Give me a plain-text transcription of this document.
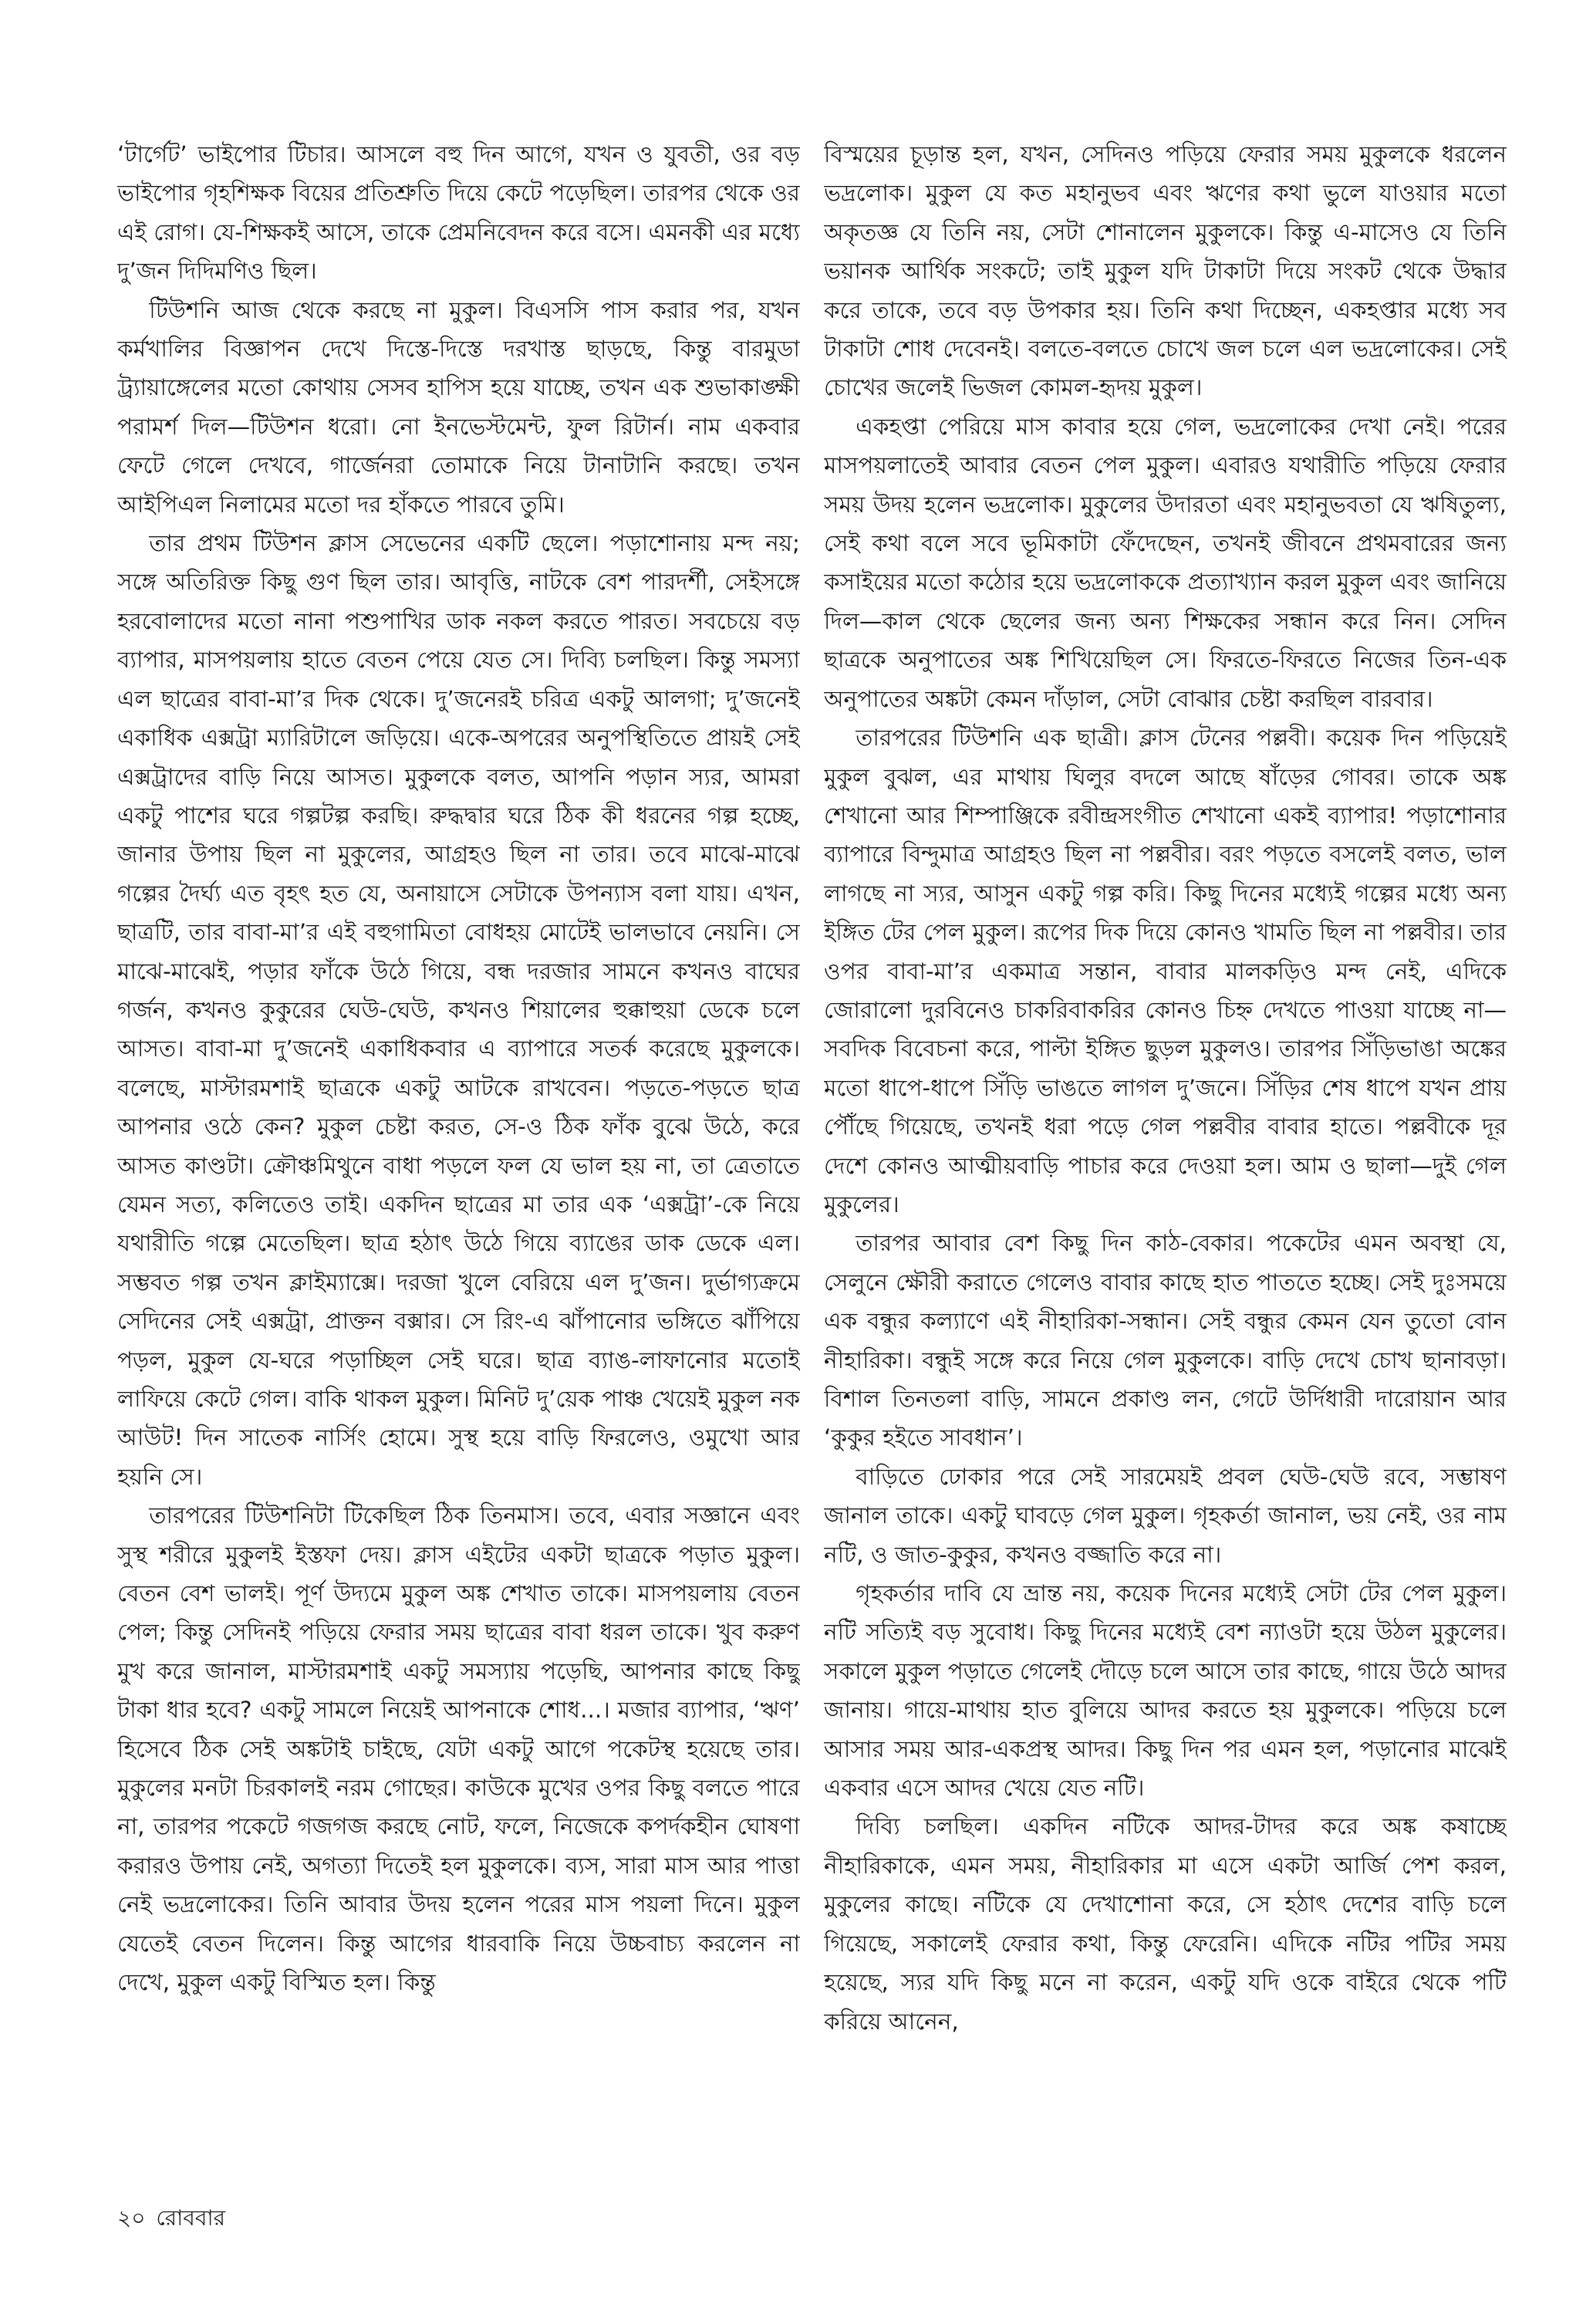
‘টার্গেট’ ভাইপোর টিচার। আসলে বহু দিন আগে, যখন ও যুবতী, ওর বড় ভাইপোর গৃহশিক্ষক বিয়ের প্রতিশ্রুতি দিয়ে কেটে পড়েছিল। তারপর থেকে ওর এই রোগ। যে-শিক্ষকই আসে, তাকে প্রেমনিবেদন করে বসে। এমনকী এর মধ্যে দু’জন দিদিমণিও ছিল।

টিউশনি আজ থেকে করছে না মুকুল। বিএসসি পাস করার পর, যখন কর্মখালির বিজ্ঞাপন দেখে দিস্তে-দিস্তে দরখাস্ত ছাড়ছে, কিন্তু বারমুডা ট্র্যায়াঙ্গেলের মতো কোথায় সেসব হাপিস হয়ে যাচ্ছে, তখন এক শুভাকাঙ্ক্ষী পরামর্শ দিল—টিউশন ধরো। নো ইনভেস্টমেন্ট, ফুল রিটার্ন। নাম একবার ফেটে গেলে দেখবে, গার্জেনরা তোমাকে নিয়ে টানাটানি করছে। তখন আইপিএল নিলামের মতো দর হাঁকতে পারবে তুমি।

তার প্রথম টিউশন ক্লাস সেভেনের একটি ছেলে। পড়াশোনায় মন্দ নয়; সঙ্গে অতিরিক্ত কিছু গুণ ছিল তার। আবৃত্তি, নাটকে বেশ পারদর্শী, সেইসঙ্গে হরবোলাদের মতো নানা পশুপাখির ডাক নকল করতে পারত। সবচেয়ে বড় ব্যাপার, মাসপয়লায় হাতে বেতন পেয়ে যেত সে। দিব্যি চলছিল। কিন্তু সমস্যা এল ছাত্রের বাবা-মা’র দিক থেকে। দু’জনেরই চরিত্র একটু আলগা; দু’জনেই একাধিক এক্সট্রা ম্যারিটালে জড়িয়ে। একে-অপরের অনুপস্থিতিতে প্রায়ই সেই এক্সট্রাদের বাড়ি নিয়ে আসত। মুকুলকে বলত, আপনি পড়ান স্যর, আমরা একটু পাশের ঘরে গল্পটল্প করছি। রুদ্ধদ্বার ঘরে ঠিক কী ধরনের গল্প হচ্ছে, জানার উপায় ছিল না মুকুলের, আগ্রহও ছিল না তার। তবে মাঝে-মাঝে গল্পের দৈর্ঘ্য এত বৃহৎ হত যে, অনায়াসে সেটাকে উপন্যাস বলা যায়। এখন, ছাত্রটি, তার বাবা-মা’র এই বহুগামিতা বোধহয় মোটেই ভালভাবে নেয়নি। সে মাঝে-মাঝেই, পড়ার ফাঁকে উঠে গিয়ে, বন্ধ দরজার সামনে কখনও বাঘের গর্জন, কখনও কুকুরের ঘেউ-ঘেউ, কখনও শিয়ালের হুক্কাহুয়া ডেকে চলে আসত। বাবা-মা দু’জনেই একাধিকবার এ ব্যাপারে সতর্ক করেছে মুকুলকে। বলেছে, মাস্টারমশাই ছাত্রকে একটু আটকে রাখবেন। পড়তে-পড়তে ছাত্র আপনার ওঠে কেন? মুকুল চেষ্টা করত, সে-ও ঠিক ফাঁক বুঝে উঠে, করে আসত কাণ্ডটা। ক্রৌঞ্চমিথুনে বাধা পড়লে ফল যে ভাল হয় না, তা ত্রেতাতে যেমন সত্য, কলিতেও তাই। একদিন ছাত্রের মা তার এক ‘এক্সট্রা’-কে নিয়ে যথারীতি গল্পে মেতেছিল। ছাত্র হঠাৎ উঠে গিয়ে ব্যাঙের ডাক ডেকে এল। সম্ভবত গল্প তখন ক্লাইম্যাক্সে। দরজা খুলে বেরিয়ে এল দু’জন। দুর্ভাগ্যক্রমে সেদিনের সেই এক্সট্রা, প্রাক্তন বক্সার। সে রিং-এ ঝাঁপানোর ভঙ্গিতে ঝাঁপিয়ে পড়ল, মুকুল যে-ঘরে পড়াচ্ছিল সেই ঘরে। ছাত্র ব্যাঙ-লাফানোর মতোই লাফিয়ে কেটে গেল। বাকি থাকল মুকুল। মিনিট দু’য়েক পাঞ্চ খেয়েই মুকুল নক আউট! দিন সাতেক নার্সিং হোমে। সুস্থ হয়ে বাড়ি ফিরলেও, ওমুখো আর হয়নি সে।

তারপরের টিউশনিটা টিকেছিল ঠিক তিনমাস। তবে, এবার সজ্ঞানে এবং সুস্থ শরীরে মুকুলই ইস্তফা দেয়। ক্লাস এইটের একটা ছাত্রকে পড়াত মুকুল। বেতন বেশ ভালই। পূর্ণ উদ্যমে মুকুল অঙ্ক শেখাত তাকে। মাসপয়লায় বেতন পেল; কিন্তু সেদিনই পড়িয়ে ফেরার সময় ছাত্রের বাবা ধরল তাকে। খুব করুণ মুখ করে জানাল, মাস্টারমশাই একটু সমস্যায় পড়েছি, আপনার কাছে কিছু টাকা ধার হবে? একটু সামলে নিয়েই আপনাকে শোধ...। মজার ব্যাপার, ‘ঋণ’ হিসেবে ঠিক সেই অঙ্কটাই চাইছে, যেটা একটু আগে পকেটস্থ হয়েছে তার। মুকুলের মনটা চিরকালই নরম গোছের। কাউকে মুখের ওপর কিছু বলতে পারে না, তারপর পকেটে গজগজ করছে নোট, ফলে, নিজেকে কপর্দকহীন ঘোষণা করারও উপায় নেই, অগত্যা দিতেই হল মুকুলকে। ব্যস, সারা মাস আর পাত্তা নেই ভদ্রলোকের। তিনি আবার উদয় হলেন পরের মাস পয়লা দিনে। মুকুল যেতেই বেতন দিলেন। কিন্তু আগের ধারবাকি নিয়ে উচ্চবাচ্য করলেন না দেখে, মুকুল একটু বিস্মিত হল। কিন্তু

বিস্ময়ের চূড়ান্ত হল, যখন, সেদিনও পড়িয়ে ফেরার সময় মুকুলকে ধরলেন ভদ্রলোক। মুকুল যে কত মহানুভব এবং ঋণের কথা ভুলে যাওয়ার মতো অকৃতজ্ঞ যে তিনি নয়, সেটা শোনালেন মুকুলকে। কিন্তু এ-মাসেও যে তিনি ভয়ানক আর্থিক সংকটে; তাই মুকুল যদি টাকাটা দিয়ে সংকট থেকে উদ্ধার করে তাকে, তবে বড় উপকার হয়। তিনি কথা দিচ্ছেন, একহপ্তার মধ্যে সব টাকাটা শোধ দেবেনই। বলতে-বলতে চোখে জল চলে এল ভদ্রলোকের। সেই চোখের জলেই ভিজল কোমল-হৃদয় মুকুল।

একহপ্তা পেরিয়ে মাস কাবার হয়ে গেল, ভদ্রলোকের দেখা নেই। পরের মাসপয়লাতেই আবার বেতন পেল মুকুল। এবারও যথারীতি পড়িয়ে ফেরার সময় উদয় হলেন ভদ্রলোক। মুকুলের উদারতা এবং মহানুভবতা যে ঋষিতুল্য, সেই কথা বলে সবে ভূমিকাটা ফেঁদেছেন, তখনই জীবনে প্রথমবারের জন্য কসাইয়ের মতো কঠোর হয়ে ভদ্রলোককে প্রত্যাখ্যান করল মুকুল এবং জানিয়ে দিল—কাল থেকে ছেলের জন্য অন্য শিক্ষকের সন্ধান করে নিন। সেদিন ছাত্রকে অনুপাতের অঙ্ক শিখিয়েছিল সে। ফিরতে-ফিরতে নিজের তিন-এক অনুপাতের অঙ্কটা কেমন দাঁড়াল, সেটা বোঝার চেষ্টা করছিল বারবার।

তারপরের টিউশনি এক ছাত্রী। ক্লাস টেনের পল্লবী। কয়েক দিন পড়িয়েই মুকুল বুঝল, এর মাথায় ঘিলুর বদলে আছে ষাঁড়ের গোবর। তাকে অঙ্ক শেখানো আর শিম্পাঞ্জিকে রবীন্দ্রসংগীত শেখানো একই ব্যাপার! পড়াশোনার ব্যাপারে বিন্দুমাত্র আগ্রহও ছিল না পল্লবীর। বরং পড়তে বসলেই বলত, ভাল লাগছে না স্যর, আসুন একটু গল্প করি। কিছু দিনের মধ্যেই গল্পের মধ্যে অন্য ইঙ্গিত টের পেল মুকুল। রূপের দিক দিয়ে কোনও খামতি ছিল না পল্লবীর। তার ওপর বাবা-মা’র একমাত্র সন্তান, বাবার মালকড়িও মন্দ নেই, এদিকে জোরালো দুরবিনেও চাকরিবাকরির কোনও চিহ্ন দেখতে পাওয়া যাচ্ছে না—সবদিক বিবেচনা করে, পাল্টা ইঙ্গিত ছুড়ল মুকুলও। তারপর সিঁড়িভাঙা অঙ্কের মতো ধাপে-ধাপে সিঁড়ি ভাঙতে লাগল দু’জনে। সিঁড়ির শেষ ধাপে যখন প্রায় পৌঁছে গিয়েছে, তখনই ধরা পড়ে গেল পল্লবীর বাবার হাতে। পল্লবীকে দূর দেশে কোনও আত্মীয়বাড়ি পাচার করে দেওয়া হল। আম ও ছালা—দুই গেল মুকুলের।

তারপর আবার বেশ কিছু দিন কাঠ-বেকার। পকেটের এমন অবস্থা যে, সেলুনে ক্ষৌরী করাতে গেলেও বাবার কাছে হাত পাততে হচ্ছে। সেই দুঃসময়ে এক বন্ধুর কল্যাণে এই নীহারিকা-সন্ধান। সেই বন্ধুর কেমন যেন তুতো বোন নীহারিকা। বন্ধুই সঙ্গে করে নিয়ে গেল মুকুলকে। বাড়ি দেখে চোখ ছানাবড়া। বিশাল তিনতলা বাড়ি, সামনে প্রকাণ্ড লন, গেটে উর্দিধারী দারোয়ান আর ‘কুকুর হইতে সাবধান’।

বাড়িতে ঢোকার পরে সেই সারমেয়ই প্রবল ঘেউ-ঘেউ রবে, সম্ভাষণ জানাল তাকে। একটু ঘাবড়ে গেল মুকুল। গৃহকর্তা জানাল, ভয় নেই, ওর নাম নটি, ও জাত-কুকুর, কখনও বজ্জাতি করে না।

গৃহকর্তার দাবি যে ভ্রান্ত নয়, কয়েক দিনের মধ্যেই সেটা টের পেল মুকুল। নটি সত্যিই বড় সুবোধ। কিছু দিনের মধ্যেই বেশ ন্যাওটা হয়ে উঠল মুকুলের। সকালে মুকুল পড়াতে গেলেই দৌড়ে চলে আসে তার কাছে, গায়ে উঠে আদর জানায়। গায়ে-মাথায় হাত বুলিয়ে আদর করতে হয় মুকুলকে। পড়িয়ে চলে আসার সময় আর-একপ্রস্থ আদর। কিছু দিন পর এমন হল, পড়ানোর মাঝেই একবার এসে আদর খেয়ে যেত নটি।

দিব্যি চলছিল। একদিন নটিকে আদর-টাদর করে অঙ্ক কষাচ্ছে নীহারিকাকে, এমন সময়, নীহারিকার মা এসে একটা আর্জি পেশ করল, মুকুলের কাছে। নটিকে যে দেখাশোনা করে, সে হঠাৎ দেশের বাড়ি চলে গিয়েছে, সকালেই ফেরার কথা, কিন্তু ফেরেনি। এদিকে নটির পটির সময় হয়েছে, স্যর যদি কিছু মনে না করেন, একটু যদি ওকে বাইরে থেকে পটি করিয়ে আনেন,

২০ রোববার
